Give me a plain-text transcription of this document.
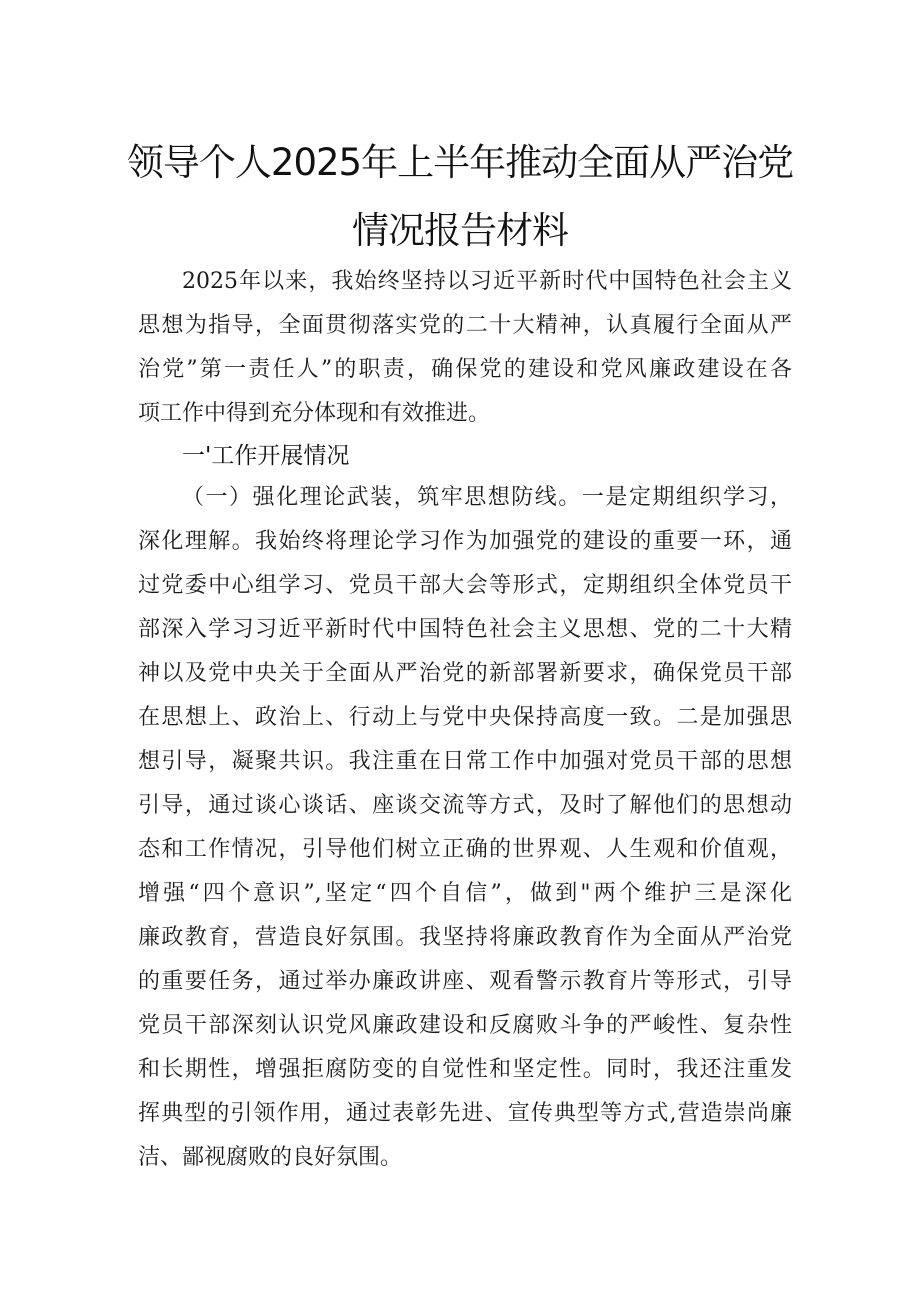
领导个人2025年上半年推动全面从严治党
情况报告材料
2025年以来，我始终坚持以习近平新时代中国特色社会主义
思想为指导，全面贯彻落实党的二十大精神，认真履行全面从严
治党”第一责任人”的职责，确保党的建设和党风廉政建设在各
项工作中得到充分体现和有效推进。
一'工作开展情况
（一）强化理论武装，筑牢思想防线。一是定期组织学习，
深化理解。我始终将理论学习作为加强党的建设的重要一环，通
过党委中心组学习、党员干部大会等形式，定期组织全体党员干
部深入学习习近平新时代中国特色社会主义思想、党的二十大精
神以及党中央关于全面从严治党的新部署新要求，确保党员干部
在思想上、政治上、行动上与党中央保持高度一致。二是加强思
想引导，凝聚共识。我注重在日常工作中加强对党员干部的思想
引导，通过谈心谈话、座谈交流等方式，及时了解他们的思想动
态和工作情况，引导他们树立正确的世界观、人生观和价值观，
增强“四个意识”,坚定“四个自信”，做到"两个维护三是深化
廉政教育，营造良好氛围。我坚持将廉政教育作为全面从严治党
的重要任务，通过举办廉政讲座、观看警示教育片等形式，引导
党员干部深刻认识党风廉政建设和反腐败斗争的严峻性、复杂性
和长期性，增强拒腐防变的自觉性和坚定性。同时，我还注重发
挥典型的引领作用，通过表彰先进、宣传典型等方式,营造崇尚廉
洁、鄙视腐败的良好氛围。
